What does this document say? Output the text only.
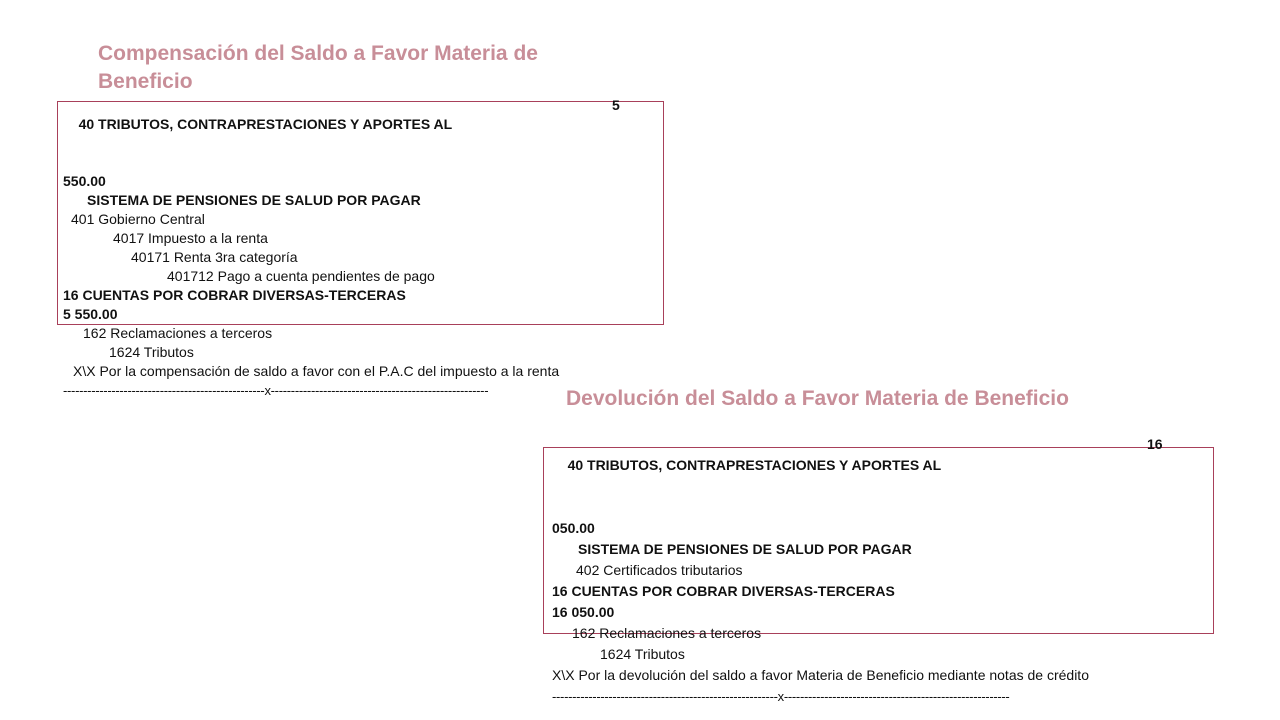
Compensación del Saldo a Favor Materia de Beneficio

40 TRIBUTOS, CONTRAPRESTACIONES Y APORTES AL

5

550.00
SISTEMA DE PENSIONES DE SALUD POR PAGAR
401 Gobierno Central
4017 Impuesto a la renta
40171 Renta 3ra categoría
401712 Pago a cuenta pendientes de pago
16 CUENTAS POR COBRAR DIVERSAS-TERCERAS
5 550.00
162 Reclamaciones a terceros
1624 Tributos
X\X Por la compensación de saldo a favor con el P.A.C del impuesto a la renta
--------------------------------------------------x------------------------------------------------------	Devolución del Saldo a Favor Materia de Beneficio

40 TRIBUTOS, CONTRAPRESTACIONES Y APORTES AL

16

050.00
SISTEMA DE PENSIONES DE SALUD POR PAGAR
402 Certificados tributarios
16 CUENTAS POR COBRAR DIVERSAS-TERCERAS
16 050.00
162 Reclamaciones a terceros
1624 Tributos
X\X Por la devolución del saldo a favor Materia de Beneficio mediante notas de crédito
--------------------------------------------------------x--------------------------------------------------------
